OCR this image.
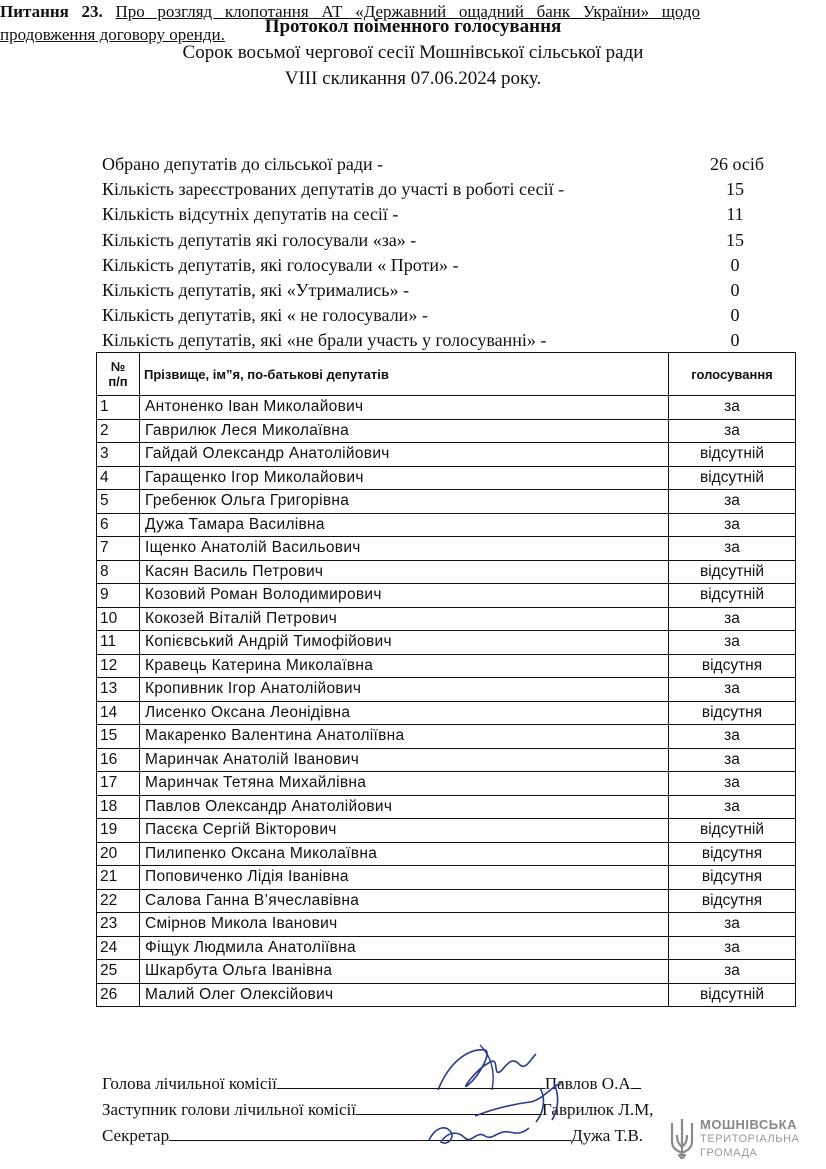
Протокол поіменного голосування
Сорок восьмої чергової сесії Мошнівської сільської ради
VIII скликання 07.06.2024 року.
Питання 23. Про розгляд клопотання АТ «Державний ощадний банк України» щодо продовження договору оренди.
Обрано депутатів до сільської ради -	26 осіб
Кількість зареєстрованих депутатів до участі в роботі сесії -	15
Кількість відсутніх депутатів на сесії -	11
Кількість депутатів які голосували «за» -	15
Кількість депутатів, які голосували « Проти» -	0
Кількість депутатів, які «Утримались» -	0
Кількість депутатів, які « не голосували» -	0
Кількість депутатів, які «не брали участь у голосуванні» -	0
№
п/п	Прізвище, ім”я, по-батькові депутатів	голосування
1	Антоненко Іван Миколайович	за
2	Гаврилюк Леся Миколаївна	за
3	Гайдай Олександр Анатолійович	відсутній
4	Гаращенко Ігор Миколайович	відсутній
5	Гребенюк Ольга Григорівна	за
6	Дужа Тамара Василівна	за
7	Іщенко Анатолій Васильович	за
8	Касян Василь Петрович	відсутній
9	Козовий Роман Володимирович	відсутній
10	Кокозей Віталій Петрович	за
11	Копієвський Андрій Тимофійович	за
12	Кравець Катерина Миколаївна	відсутня
13	Кропивник Ігор Анатолійович	за
14	Лисенко Оксана Леонідівна	відсутня
15	Макаренко Валентина Анатоліївна	за
16	Маринчак Анатолій Іванович	за
17	Маринчак Тетяна Михайлівна	за
18	Павлов Олександр Анатолійович	за
19	Пасєка Сергій Вікторович	відсутній
20	Пилипенко Оксана Миколаївна	відсутня
21	Поповиченко Лідія Іванівна	відсутня
22	Салова Ганна В’ячеславівна	відсутня
23	Смірнов Микола Іванович	за
24	Фіщук Людмила Анатоліївна	за
25	Шкарбута Ольга Іванівна	за
26	Малий Олег Олексійович	відсутній
Голова лічильної комісії	Павлов О.А
Заступник голови лічильної комісії	Гаврилюк Л.М,
Секретар	Дужа Т.В.
МОШНІВСЬКА
ТЕРИТОРІАЛЬНА
ГРОМАДА
